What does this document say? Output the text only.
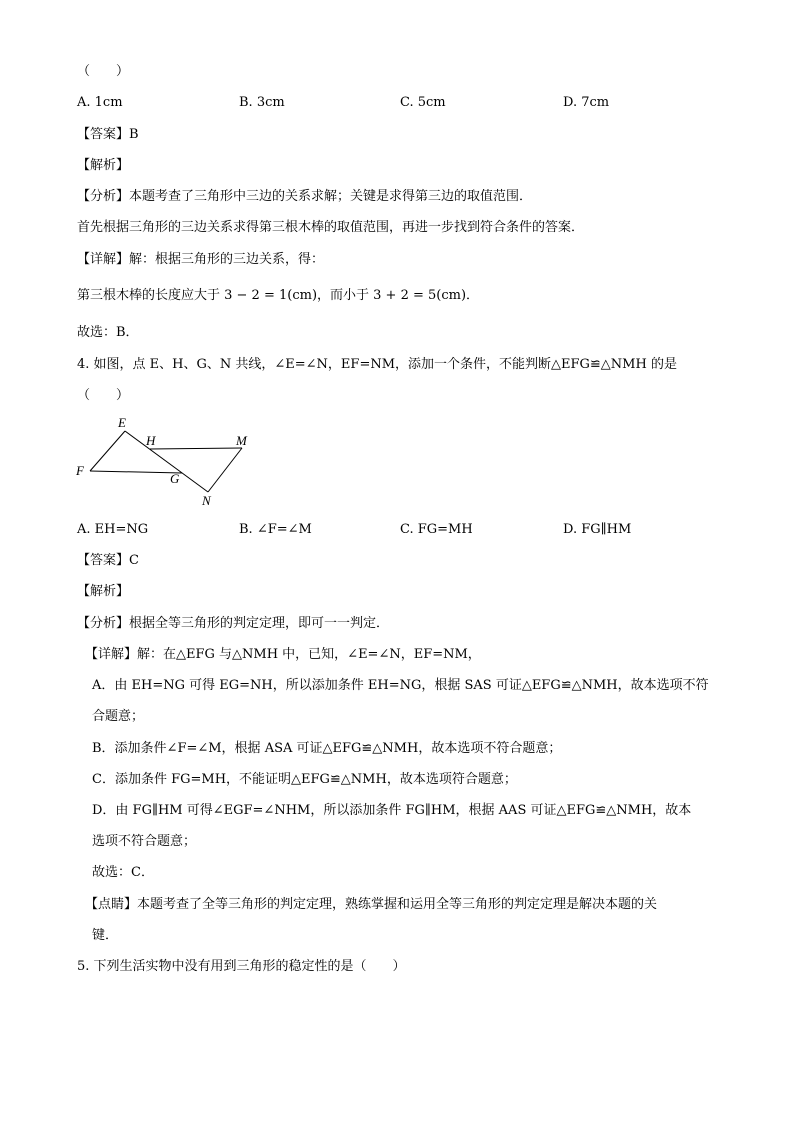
（　　）
A. 1cm	B. 3cm	C. 5cm	D. 7cm
【答案】B
【解析】
【分析】本题考查了三角形中三边的关系求解；关键是求得第三边的取值范围．
首先根据三角形的三边关系求得第三根木棒的取值范围，再进一步找到符合条件的答案．
【详解】解：根据三角形的三边关系，得：
第三根木棒的长度应大于 3 − 2 = 1(cm)，而小于 3 + 2 = 5(cm)．
故选：B．
4. 如图，点 E、H、G、N 共线，∠E=∠N，EF=NM，添加一个条件，不能判断△EFG≌△NMH 的是
（　　）
E
H	M
F
G
N
A. EH=NG	B. ∠F=∠M	C. FG=MH	D. FG∥HM
【答案】C
【解析】
【分析】根据全等三角形的判定定理，即可一一判定．
【详解】解：在△EFG 与△NMH 中，已知，∠E=∠N，EF=NM，
A．由 EH=NG 可得 EG=NH，所以添加条件 EH=NG，根据 SAS 可证△EFG≌△NMH，故本选项不符
合题意；
B．添加条件∠F=∠M，根据 ASA 可证△EFG≌△NMH，故本选项不符合题意；
C．添加条件 FG=MH，不能证明△EFG≌△NMH，故本选项符合题意；
D．由 FG∥HM 可得∠EGF=∠NHM，所以添加条件 FG∥HM，根据 AAS 可证△EFG≌△NMH，故本
选项不符合题意；
故选：C．
【点睛】本题考查了全等三角形的判定定理，熟练掌握和运用全等三角形的判定定理是解决本题的关
键．
5. 下列生活实物中没有用到三角形的稳定性的是（　　）
